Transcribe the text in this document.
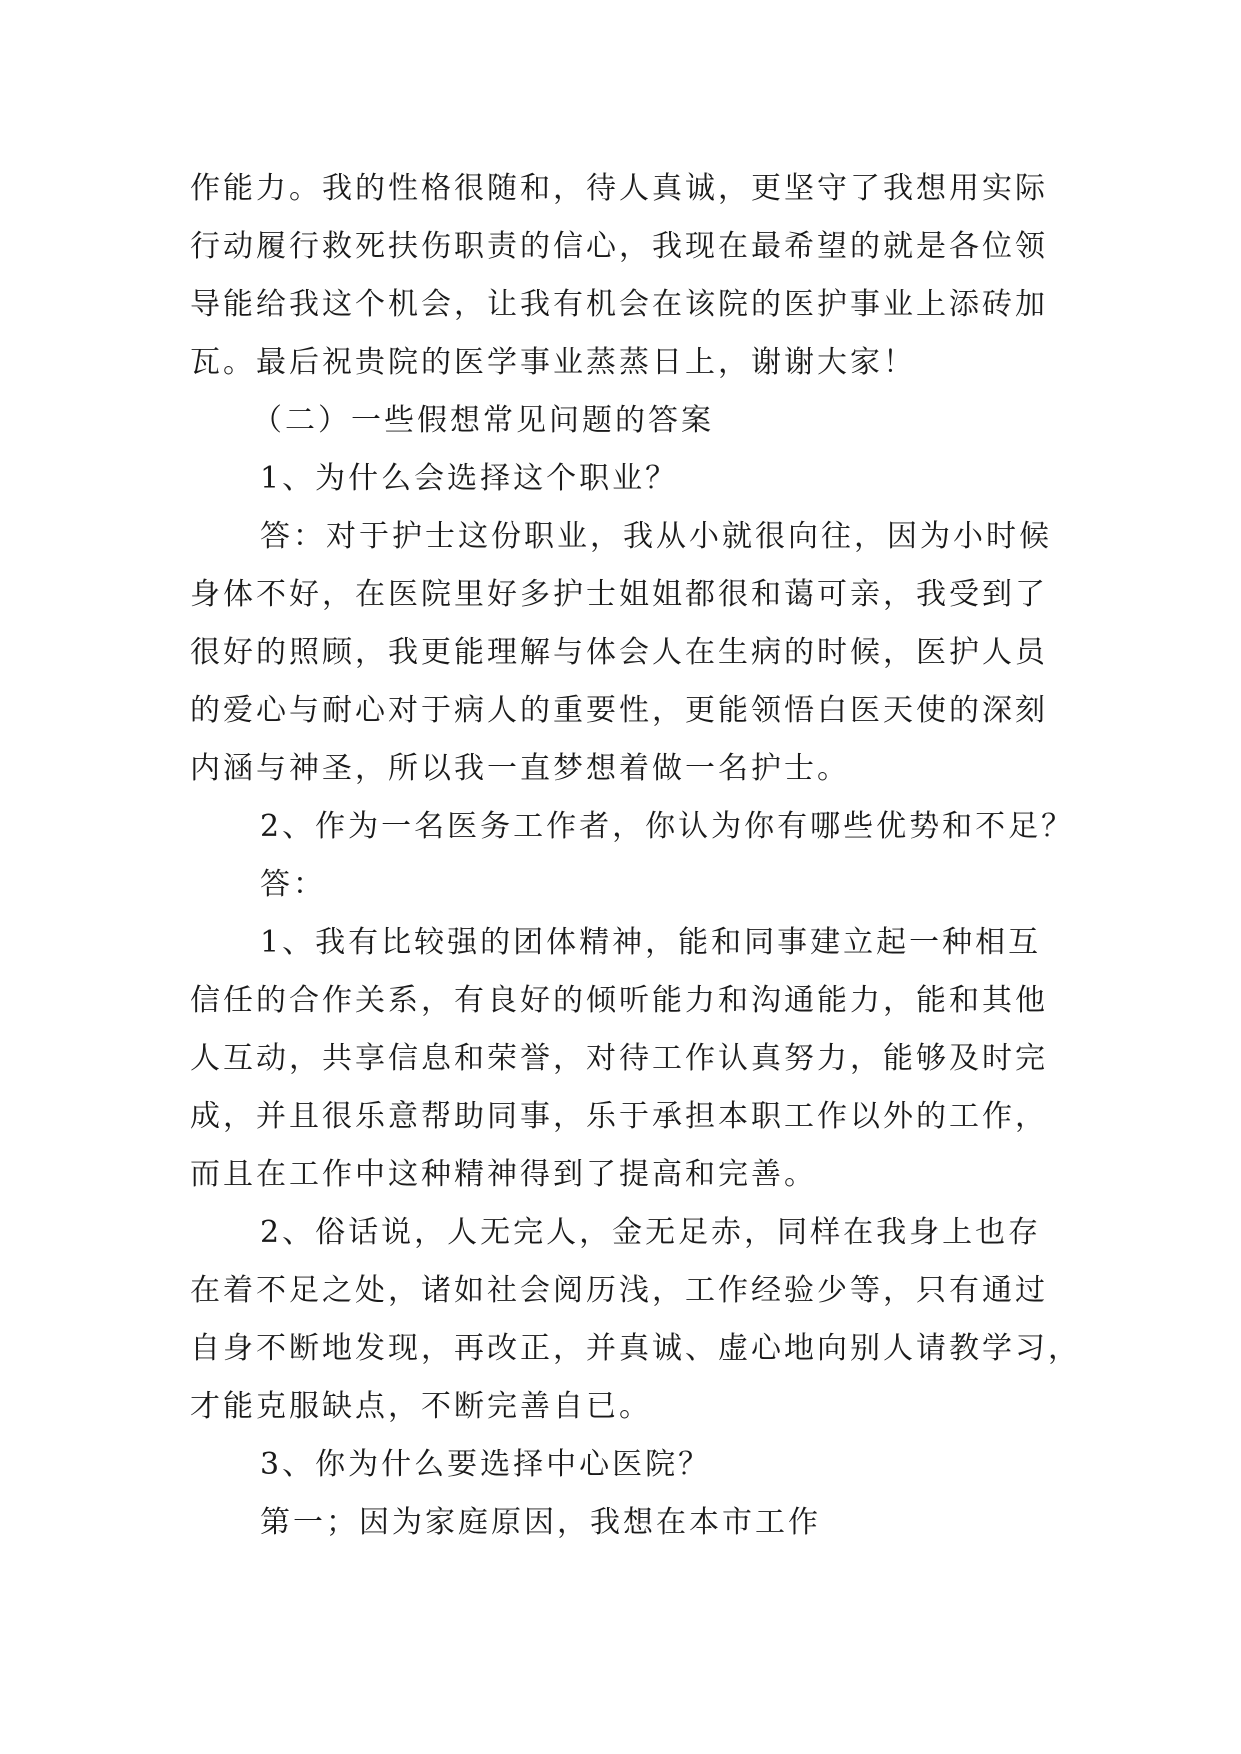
作能力。我的性格很随和，待人真诚，更坚守了我想用实际
行动履行救死扶伤职责的信心，我现在最希望的就是各位领
导能给我这个机会，让我有机会在该院的医护事业上添砖加
瓦。最后祝贵院的医学事业蒸蒸日上，谢谢大家！
（二）一些假想常见问题的答案
1、为什么会选择这个职业？
答：对于护士这份职业，我从小就很向往，因为小时候
身体不好，在医院里好多护士姐姐都很和蔼可亲，我受到了
很好的照顾，我更能理解与体会人在生病的时候，医护人员
的爱心与耐心对于病人的重要性，更能领悟白医天使的深刻
内涵与神圣，所以我一直梦想着做一名护士。
2、作为一名医务工作者，你认为你有哪些优势和不足？
答：
1、我有比较强的团体精神，能和同事建立起一种相互
信任的合作关系，有良好的倾听能力和沟通能力，能和其他
人互动，共享信息和荣誉，对待工作认真努力，能够及时完
成，并且很乐意帮助同事，乐于承担本职工作以外的工作，
而且在工作中这种精神得到了提高和完善。
2、俗话说，人无完人，金无足赤，同样在我身上也存
在着不足之处，诸如社会阅历浅，工作经验少等，只有通过
自身不断地发现，再改正，并真诚、虚心地向别人请教学习，
才能克服缺点，不断完善自已。
3、你为什么要选择中心医院？
第一；因为家庭原因，我想在本市工作
